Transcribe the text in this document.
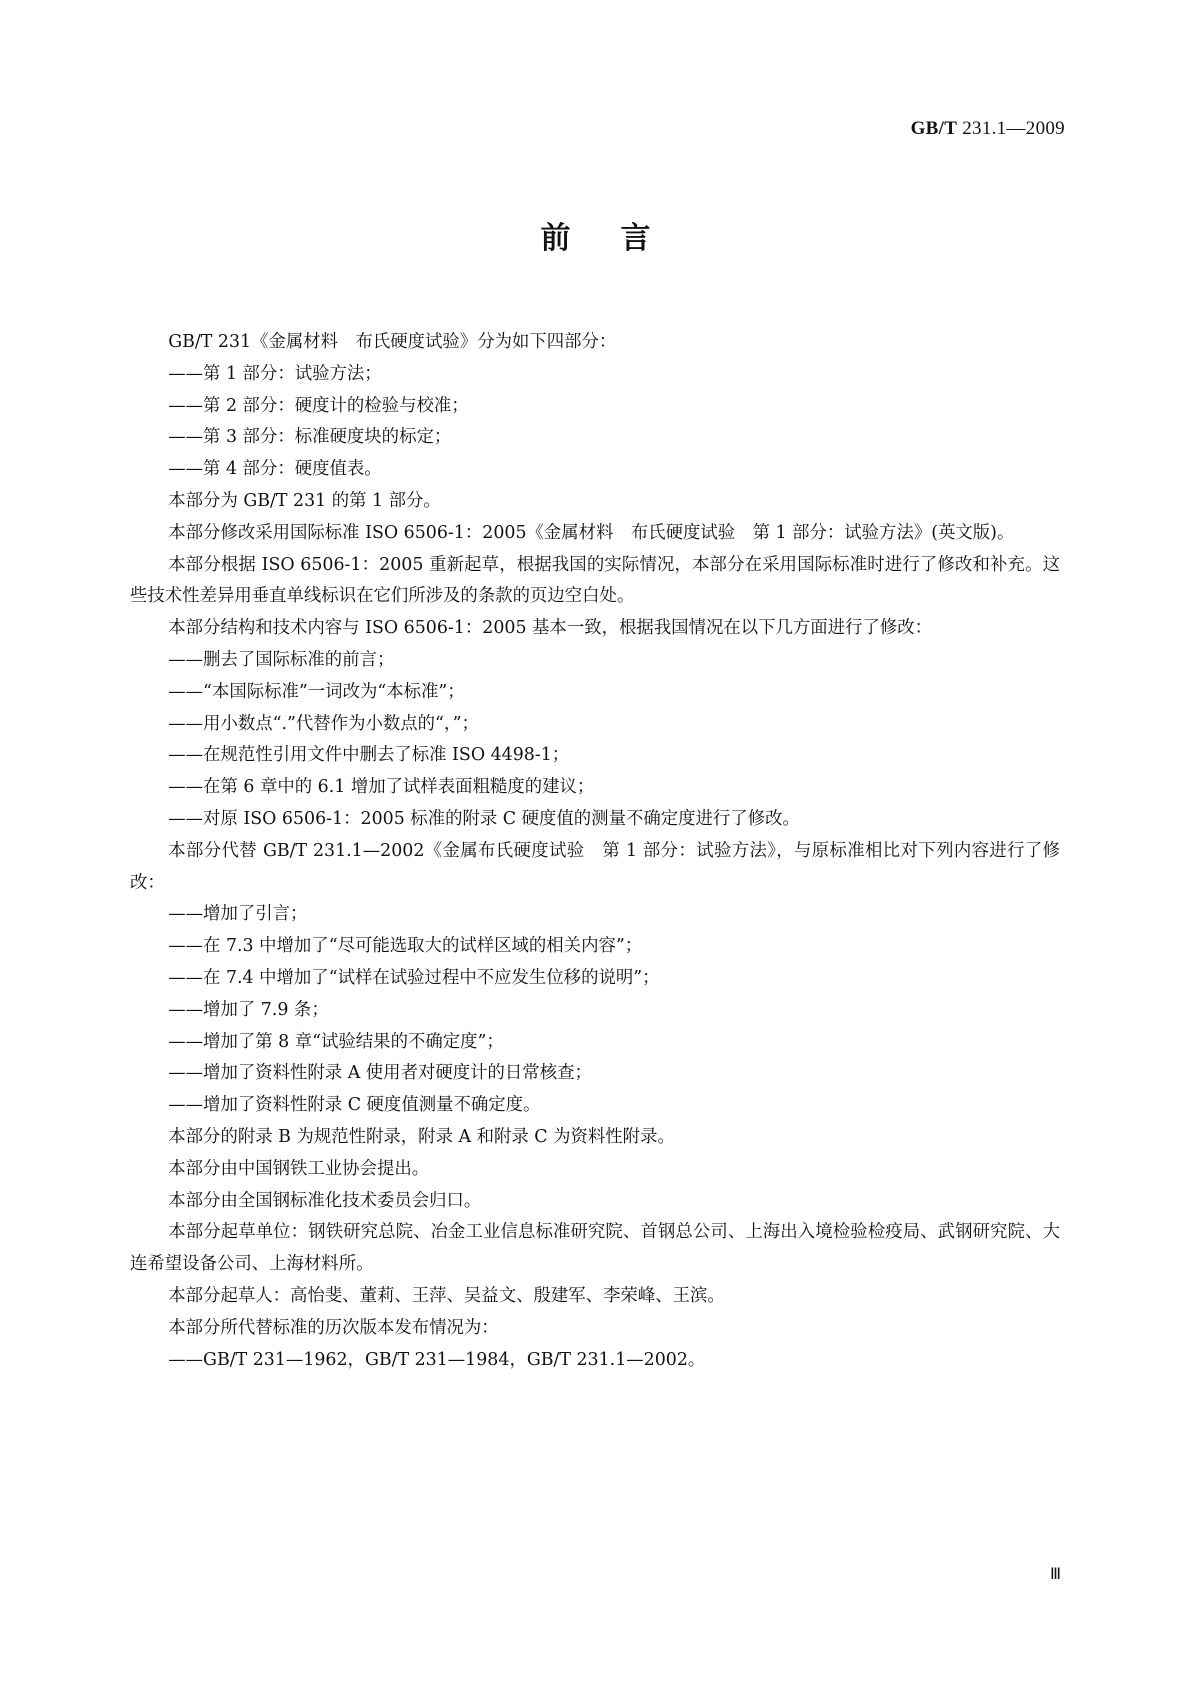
GB/T 231.1—2009
前言

GB/T 231《金属材料　布氏硬度试验》分为如下四部分：

——第 1 部分：试验方法；

——第 2 部分：硬度计的检验与校准；

——第 3 部分：标准硬度块的标定；

——第 4 部分：硬度值表。

本部分为 GB/T 231 的第 1 部分。

本部分修改采用国际标准 ISO 6506-1：2005《金属材料　布氏硬度试验　第 1 部分：试验方法》(英文版)。

本部分根据 ISO 6506-1：2005 重新起草，根据我国的实际情况，本部分在采用国际标准时进行了修改和补充。这些技术性差异用垂直单线标识在它们所涉及的条款的页边空白处。

本部分结构和技术内容与 ISO 6506-1：2005 基本一致，根据我国情况在以下几方面进行了修改：

——删去了国际标准的前言；

——“本国际标准”一词改为“本标准”；

——用小数点“.”代替作为小数点的“，”；

——在规范性引用文件中删去了标准 ISO 4498-1；

——在第 6 章中的 6.1 增加了试样表面粗糙度的建议；

——对原 ISO 6506-1：2005 标准的附录 C 硬度值的测量不确定度进行了修改。

本部分代替 GB/T 231.1—2002《金属布氏硬度试验　第 1 部分：试验方法》，与原标准相比对下列内容进行了修改：

——增加了引言；

——在 7.3 中增加了“尽可能选取大的试样区域的相关内容”；

——在 7.4 中增加了“试样在试验过程中不应发生位移的说明”；

——增加了 7.9 条；

——增加了第 8 章“试验结果的不确定度”；

——增加了资料性附录 A 使用者对硬度计的日常核查；

——增加了资料性附录 C 硬度值测量不确定度。

本部分的附录 B 为规范性附录，附录 A 和附录 C 为资料性附录。

本部分由中国钢铁工业协会提出。

本部分由全国钢标准化技术委员会归口。

本部分起草单位：钢铁研究总院、冶金工业信息标准研究院、首钢总公司、上海出入境检验检疫局、武钢研究院、大连希望设备公司、上海材料所。

本部分起草人：高怡斐、董莉、王萍、吴益文、殷建军、李荣峰、王滨。

本部分所代替标准的历次版本发布情况为：

——GB/T 231—1962，GB/T 231—1984，GB/T 231.1—2002。

Ⅲ
